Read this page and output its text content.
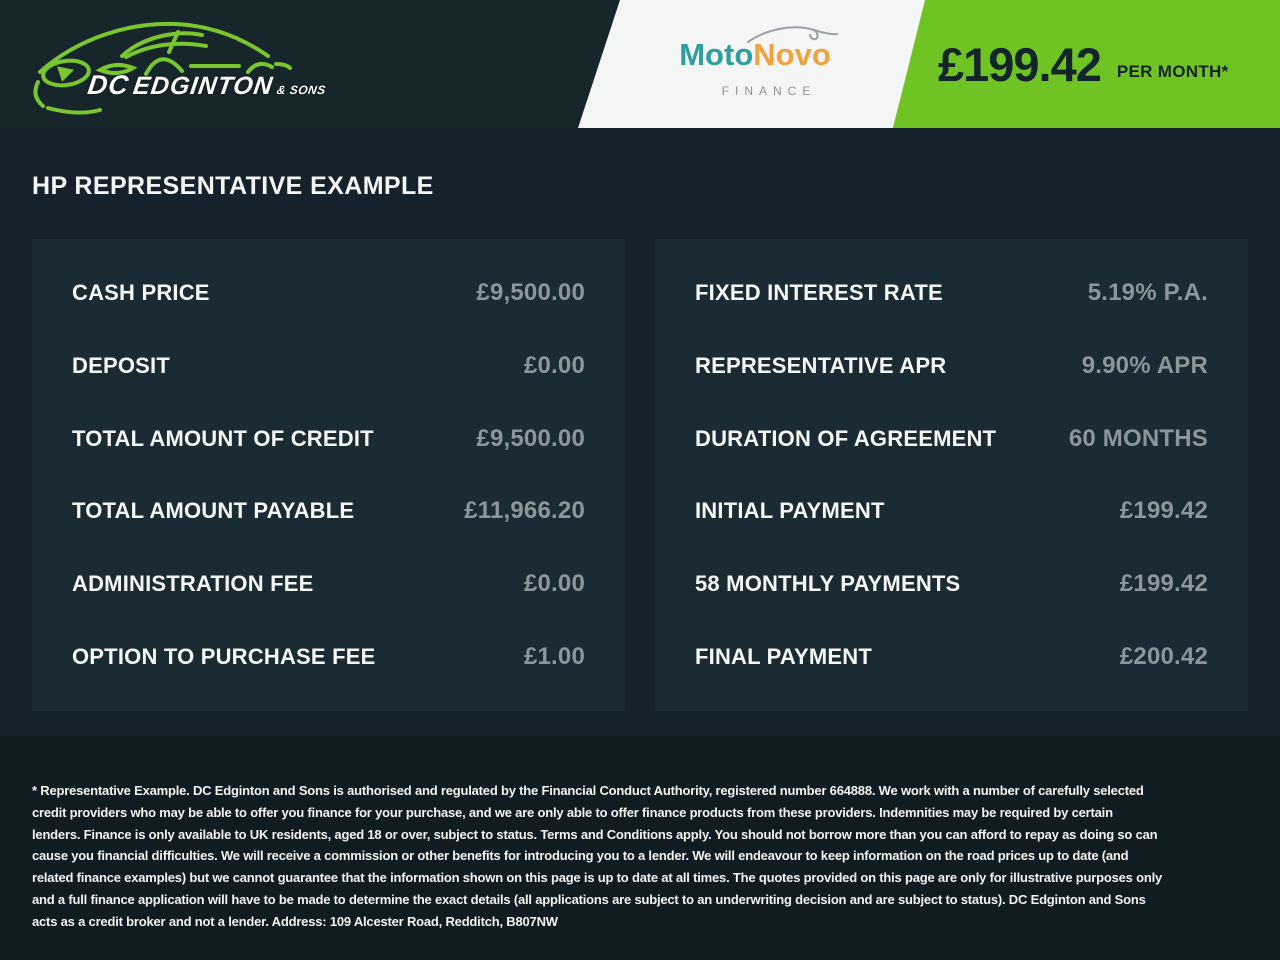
DC EDGINTON & SONS
MotoNovo
FINANCE
£199.42 PER MONTH*
HP REPRESENTATIVE EXAMPLE
CASH PRICE	£9,500.00
DEPOSIT	£0.00
TOTAL AMOUNT OF CREDIT	£9,500.00
TOTAL AMOUNT PAYABLE	£11,966.20
ADMINISTRATION FEE	£0.00
OPTION TO PURCHASE FEE	£1.00
FIXED INTEREST RATE	5.19% P.A.
REPRESENTATIVE APR	9.90% APR
DURATION OF AGREEMENT	60 MONTHS
INITIAL PAYMENT	£199.42
58 MONTHLY PAYMENTS	£199.42
FINAL PAYMENT	£200.42

* Representative Example. DC Edginton and Sons is authorised and regulated by the Financial Conduct Authority, registered number 664888. We work with a number of carefully selected credit providers who may be able to offer you finance for your purchase, and we are only able to offer finance products from these providers. Indemnities may be required by certain lenders. Finance is only available to UK residents, aged 18 or over, subject to status. Terms and Conditions apply. You should not borrow more than you can afford to repay as doing so can cause you financial difficulties. We will receive a commission or other benefits for introducing you to a lender. We will endeavour to keep information on the road prices up to date (and related finance examples) but we cannot guarantee that the information shown on this page is up to date at all times. The quotes provided on this page are only for illustrative purposes only and a full finance application will have to be made to determine the exact details (all applications are subject to an underwriting decision and are subject to status). DC Edginton and Sons acts as a credit broker and not a lender. Address: 109 Alcester Road, Redditch, B807NW
